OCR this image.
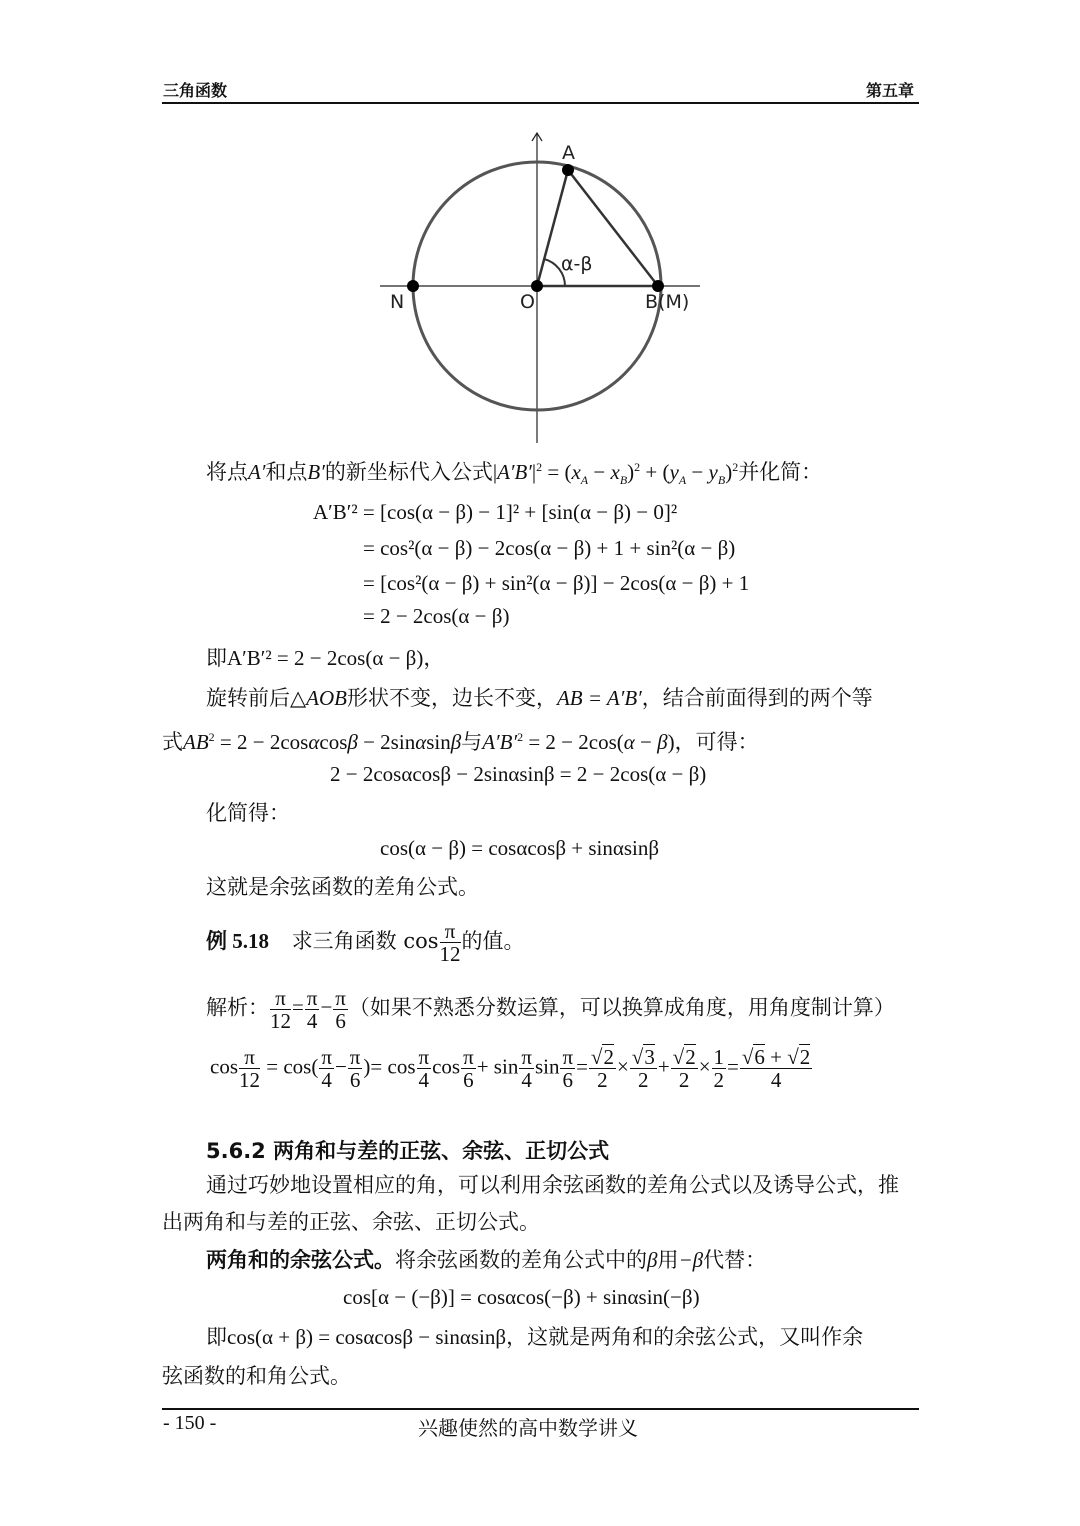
三角函数	第五章
A
N	O	B(M)
α-β
将点A′和点B′的新坐标代入公式$|A'B'|^2 = (x_A - x_B)^2 + (y_A - y_B)^2$并化简：
A′B′² = [cos(α − β) − 1]² + [sin(α − β) − 0]²
= cos²(α − β) − 2cos(α − β) + 1 + sin²(α − β)
= [cos²(α − β) + sin²(α − β)] − 2cos(α − β) + 1
= 2 − 2cos(α − β)
即A′B′² = 2 − 2cos(α − β)，
旋转前后△AOB形状不变，边长不变，AB = A′B′，结合前面得到的两个等
式$AB^2 = 2 - 2\cos\alpha\cos\beta - 2\sin\alpha\sin\beta$与$A'B'^2 = 2 - 2\cos(\alpha - \beta)$，可得：
2 − 2cosαcosβ − 2sinαsinβ = 2 − 2cos(α − β)
化简得：
cos(α − β) = cosαcosβ + sinαsinβ
这就是余弦函数的差角公式。
例 5.18 求三角函数 $\cos \frac{\pi}{12}$ 的值。
解析： $\frac{\pi}{12} = \frac{\pi}{4} - \frac{\pi}{6}$ （如果不熟悉分数运算，可以换算成角度，用角度制计算）
$\cos \frac{\pi}{12} = \cos( \frac{\pi}{4} - \frac{\pi}{6}$ )= $\cos \frac{\pi}{4}$ $\cos \frac{\pi}{6} + \sin \frac{\pi}{4}$ $\sin \frac{\pi}{6} = \frac{√2}{2} \times \frac{√3}{2} + \frac{√2}{2} \times \frac{1}{2} = \frac{√6 + √2}{4}$
5.6.2 两角和与差的正弦、余弦、正切公式
通过巧妙地设置相应的角，可以利用余弦函数的差角公式以及诱导公式，推
出两角和与差的正弦、余弦、正切公式。
两角和的余弦公式。将余弦函数的差角公式中的β用−β代替：
cos[α − (−β)] = cosαcos(−β) + sinαsin(−β)
即cos(α + β) = cosαcosβ − sinαsinβ，这就是两角和的余弦公式，又叫作余
弦函数的和角公式。
- 150 -	兴趣使然的高中数学讲义
